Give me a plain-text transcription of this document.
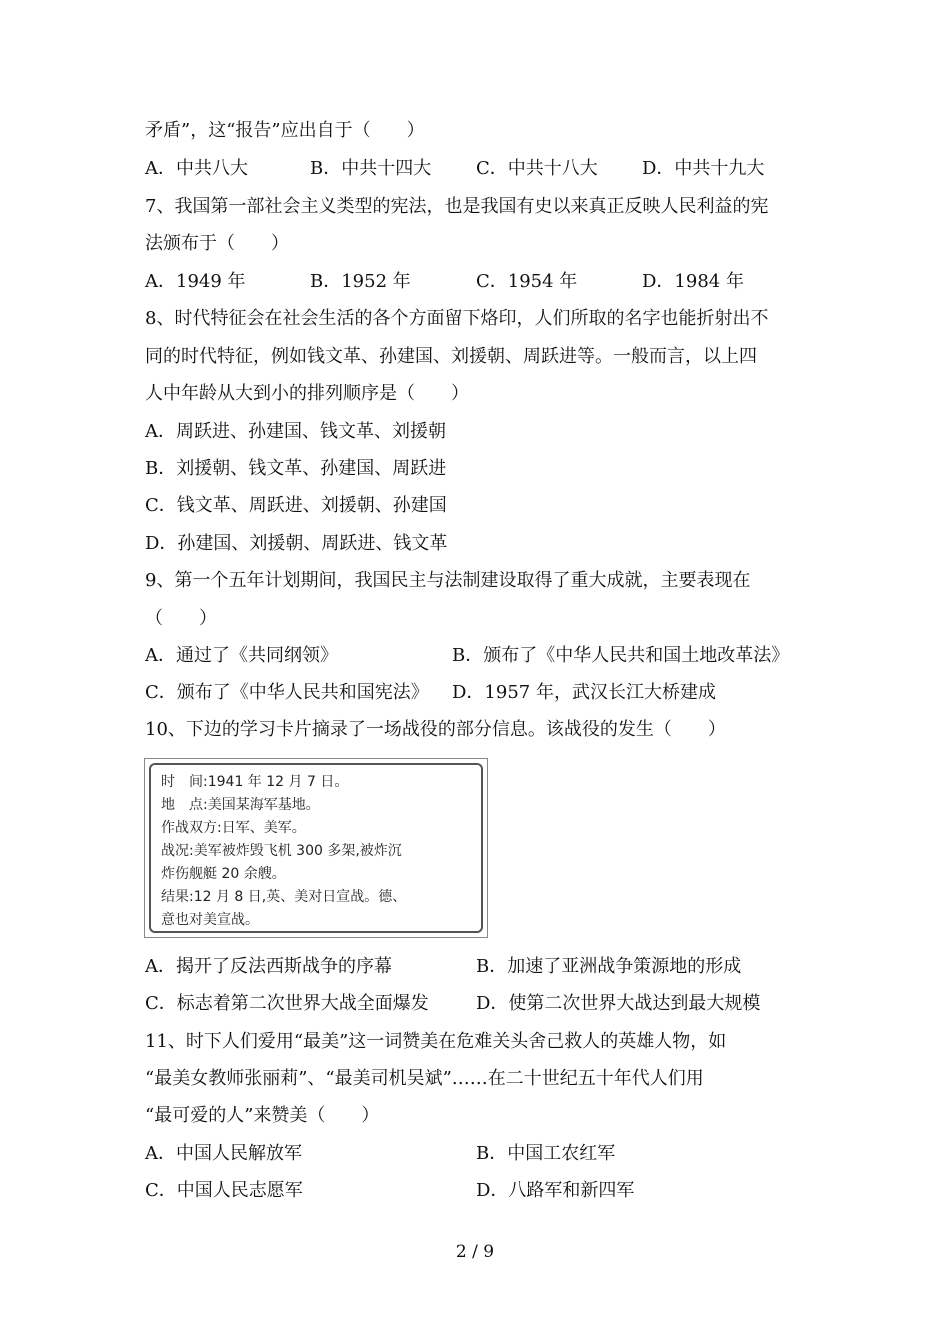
矛盾”，这“报告”应出自于（　　）
A．中共八大	B．中共十四大 C．中共十八大 D．中共十九大
7、我国第一部社会主义类型的宪法，也是我国有史以来真正反映人民利益的宪
法颁布于（　　）
A．1949 年	B．1952 年	C．1954 年	D．1984 年
8、时代特征会在社会生活的各个方面留下烙印，人们所取的名字也能折射出不
同的时代特征，例如钱文革、孙建国、刘援朝、周跃进等。一般而言，以上四
人中年龄从大到小的排列顺序是（　　）
A．周跃进、孙建国、钱文革、刘援朝
B．刘援朝、钱文革、孙建国、周跃进
C．钱文革、周跃进、刘援朝、孙建国
D．孙建国、刘援朝、周跃进、钱文革
9、第一个五年计划期间，我国民主与法制建设取得了重大成就，主要表现在
（　　）
A．通过了《共同纲领》	B．颁布了《中华人民共和国土地改革法》
C．颁布了《中华人民共和国宪法》 D．1957 年，武汉长江大桥建成
10、下边的学习卡片摘录了一场战役的部分信息。该战役的发生（　　）
时　间:1941 年 12 月 7 日。
地　点:美国某海军基地。
作战双方:日军、美军。
战况:美军被炸毁飞机 300 多架,被炸沉
炸伤舰艇 20 余艘。
结果:12 月 8 日,英、美对日宣战。德、
意也对美宣战。
A．揭开了反法西斯战争的序幕	B．加速了亚洲战争策源地的形成
C．标志着第二次世界大战全面爆发	D．使第二次世界大战达到最大规模
11、时下人们爱用“最美”这一词赞美在危难关头舍己救人的英雄人物，如
“最美女教师张丽莉”、“最美司机吴斌”……在二十世纪五十年代人们用
“最可爱的人”来赞美（　　）
A．中国人民解放军	B．中国工农红军
C．中国人民志愿军	D．八路军和新四军
2 / 9
